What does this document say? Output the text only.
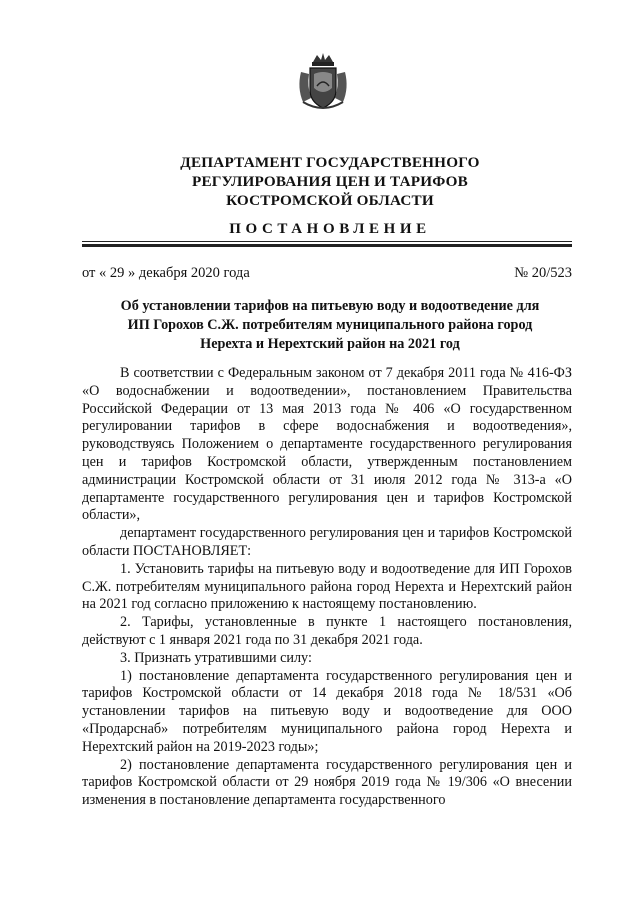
ДЕПАРТАМЕНТ ГОСУДАРСТВЕННОГО
РЕГУЛИРОВАНИЯ ЦЕН И ТАРИФОВ
КОСТРОМСКОЙ ОБЛАСТИ
ПОСТАНОВЛЕНИЕ
от « 29 » декабря 2020 года	№ 20/523
Об установлении тарифов на питьевую воду и водоотведение для
ИП Горохов С.Ж. потребителям муниципального района город
Нерехта и Нерехтский район на 2021 год

В соответствии с Федеральным законом от 7 декабря 2011 года № 416-ФЗ «О водоснабжении и водоотведении», постановлением Правительства Российской Федерации от 13 мая 2013 года № 406 «О государственном регулировании тарифов в сфере водоснабжения и водоотведения», руководствуясь Положением о департаменте государственного регулирования цен и тарифов Костромской области, утвержденным постановлением администрации Костромской области от 31 июля 2012 года № 313-а «О департаменте государственного регулирования цен и тарифов Костромской области»,

департамент государственного регулирования цен и тарифов Костромской области ПОСТАНОВЛЯЕТ:

1. Установить тарифы на питьевую воду и водоотведение для ИП Горохов С.Ж. потребителям муниципального района город Нерехта и Нерехтский район на 2021 год согласно приложению к настоящему постановлению.

2. Тарифы, установленные в пункте 1 настоящего постановления, действуют с 1 января 2021 года по 31 декабря 2021 года.

3. Признать утратившими силу:

1) постановление департамента государственного регулирования цен и тарифов Костромской области от 14 декабря 2018 года № 18/531 «Об установлении тарифов на питьевую воду и водоотведение для ООО «Продарснаб» потребителям муниципального района город Нерехта и Нерехтский район на 2019-2023 годы»;

2) постановление департамента государственного регулирования цен и тарифов Костромской области от 29 ноября 2019 года № 19/306 «О внесении изменения в постановление департамента государственного
